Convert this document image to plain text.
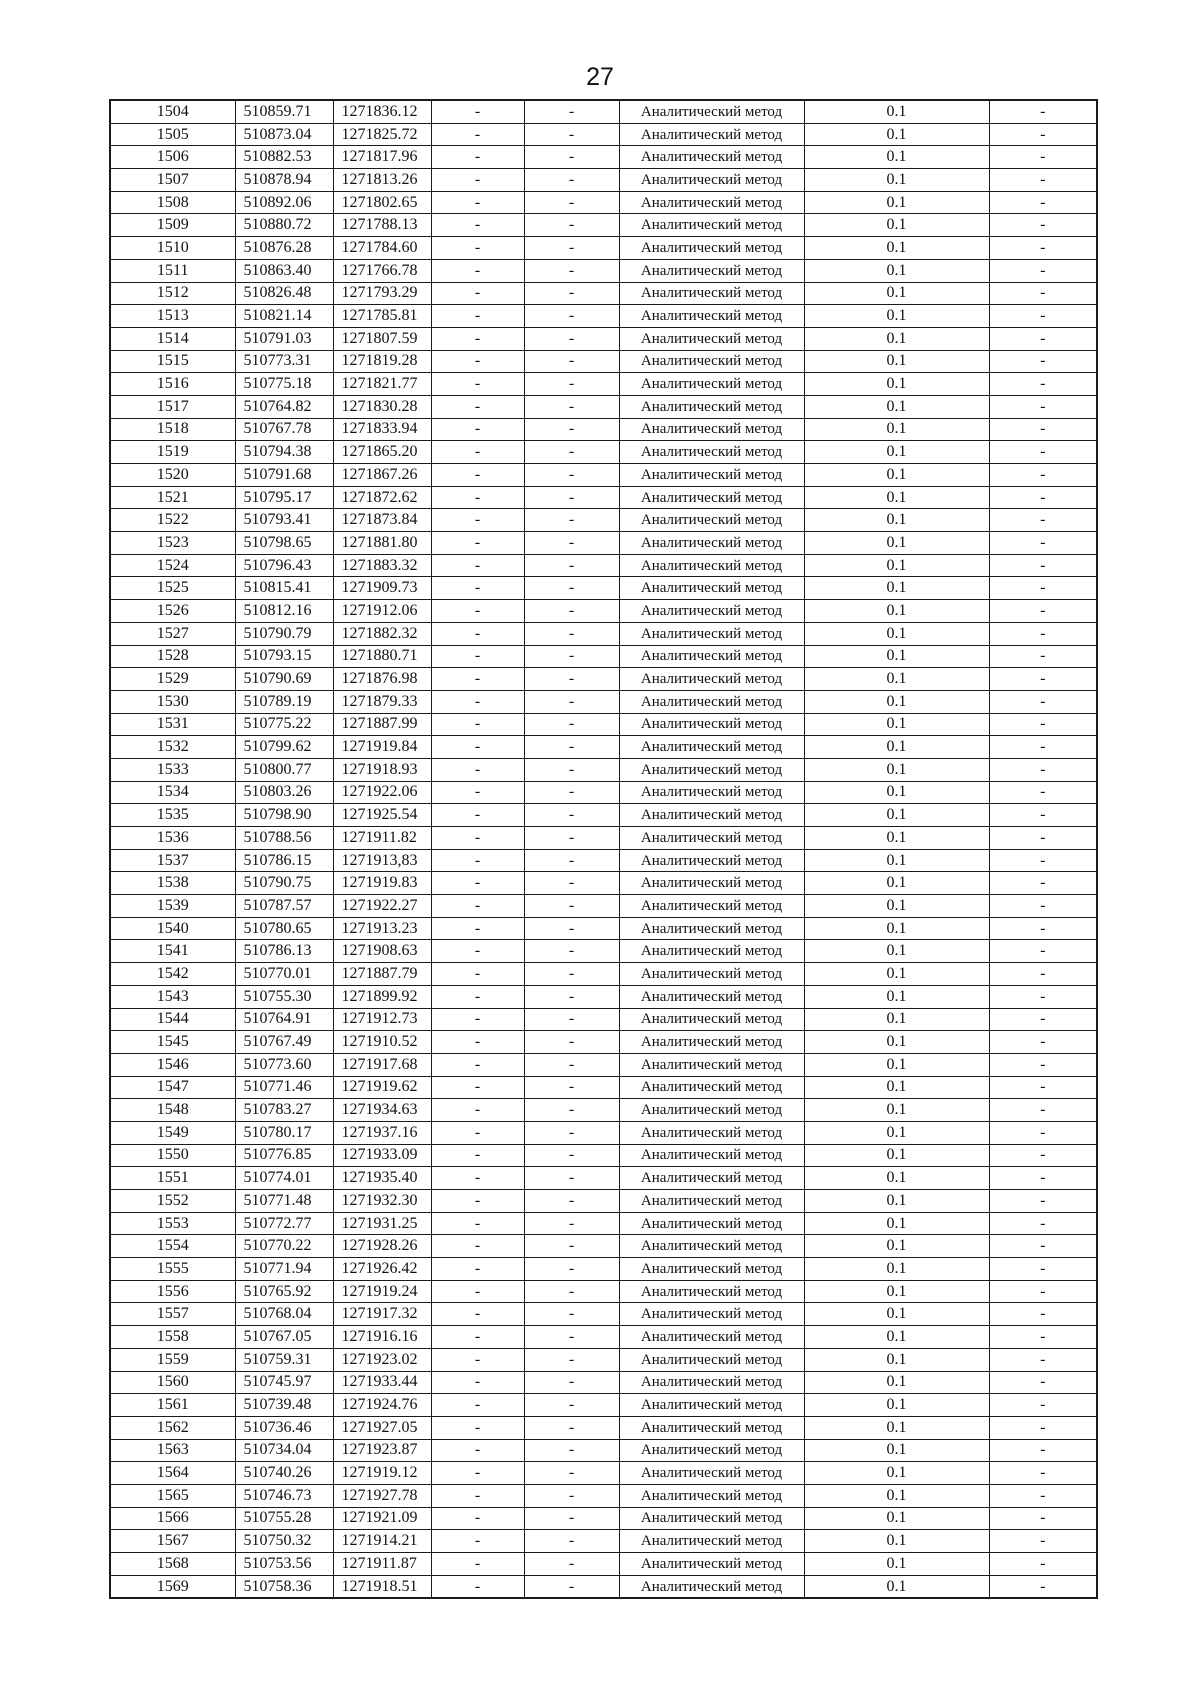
27
1504	510859.71	1271836.12	-	-	Аналитический метод	0.1	-
1505	510873.04	1271825.72	-	-	Аналитический метод	0.1	-
1506	510882.53	1271817.96	-	-	Аналитический метод	0.1	-
1507	510878.94	1271813.26	-	-	Аналитический метод	0.1	-
1508	510892.06	1271802.65	-	-	Аналитический метод	0.1	-
1509	510880.72	1271788.13	-	-	Аналитический метод	0.1	-
1510	510876.28	1271784.60	-	-	Аналитический метод	0.1	-
1511	510863.40	1271766.78	-	-	Аналитический метод	0.1	-
1512	510826.48	1271793.29	-	-	Аналитический метод	0.1	-
1513	510821.14	1271785.81	-	-	Аналитический метод	0.1	-
1514	510791.03	1271807.59	-	-	Аналитический метод	0.1	-
1515	510773.31	1271819.28	-	-	Аналитический метод	0.1	-
1516	510775.18	1271821.77	-	-	Аналитический метод	0.1	-
1517	510764.82	1271830.28	-	-	Аналитический метод	0.1	-
1518	510767.78	1271833.94	-	-	Аналитический метод	0.1	-
1519	510794.38	1271865.20	-	-	Аналитический метод	0.1	-
1520	510791.68	1271867.26	-	-	Аналитический метод	0.1	-
1521	510795.17	1271872.62	-	-	Аналитический метод	0.1	-
1522	510793.41	1271873.84	-	-	Аналитический метод	0.1	-
1523	510798.65	1271881.80	-	-	Аналитический метод	0.1	-
1524	510796.43	1271883.32	-	-	Аналитический метод	0.1	-
1525	510815.41	1271909.73	-	-	Аналитический метод	0.1	-
1526	510812.16	1271912.06	-	-	Аналитический метод	0.1	-
1527	510790.79	1271882.32	-	-	Аналитический метод	0.1	-
1528	510793.15	1271880.71	-	-	Аналитический метод	0.1	-
1529	510790.69	1271876.98	-	-	Аналитический метод	0.1	-
1530	510789.19	1271879.33	-	-	Аналитический метод	0.1	-
1531	510775.22	1271887.99	-	-	Аналитический метод	0.1	-
1532	510799.62	1271919.84	-	-	Аналитический метод	0.1	-
1533	510800.77	1271918.93	-	-	Аналитический метод	0.1	-
1534	510803.26	1271922.06	-	-	Аналитический метод	0.1	-
1535	510798.90	1271925.54	-	-	Аналитический метод	0.1	-
1536	510788.56	1271911.82	-	-	Аналитический метод	0.1	-
1537	510786.15	1271913,83	-	-	Аналитический метод	0.1	-
1538	510790.75	1271919.83	-	-	Аналитический метод	0.1	-
1539	510787.57	1271922.27	-	-	Аналитический метод	0.1	-
1540	510780.65	1271913.23	-	-	Аналитический метод	0.1	-
1541	510786.13	1271908.63	-	-	Аналитический метод	0.1	-
1542	510770.01	1271887.79	-	-	Аналитический метод	0.1	-
1543	510755.30	1271899.92	-	-	Аналитический метод	0.1	-
1544	510764.91	1271912.73	-	-	Аналитический метод	0.1	-
1545	510767.49	1271910.52	-	-	Аналитический метод	0.1	-
1546	510773.60	1271917.68	-	-	Аналитический метод	0.1	-
1547	510771.46	1271919.62	-	-	Аналитический метод	0.1	-
1548	510783.27	1271934.63	-	-	Аналитический метод	0.1	-
1549	510780.17	1271937.16	-	-	Аналитический метод	0.1	-
1550	510776.85	1271933.09	-	-	Аналитический метод	0.1	-
1551	510774.01	1271935.40	-	-	Аналитический метод	0.1	-
1552	510771.48	1271932.30	-	-	Аналитический метод	0.1	-
1553	510772.77	1271931.25	-	-	Аналитический метод	0.1	-
1554	510770.22	1271928.26	-	-	Аналитический метод	0.1	-
1555	510771.94	1271926.42	-	-	Аналитический метод	0.1	-
1556	510765.92	1271919.24	-	-	Аналитический метод	0.1	-
1557	510768.04	1271917.32	-	-	Аналитический метод	0.1	-
1558	510767.05	1271916.16	-	-	Аналитический метод	0.1	-
1559	510759.31	1271923.02	-	-	Аналитический метод	0.1	-
1560	510745.97	1271933.44	-	-	Аналитический метод	0.1	-
1561	510739.48	1271924.76	-	-	Аналитический метод	0.1	-
1562	510736.46	1271927.05	-	-	Аналитический метод	0.1	-
1563	510734.04	1271923.87	-	-	Аналитический метод	0.1	-
1564	510740.26	1271919.12	-	-	Аналитический метод	0.1	-
1565	510746.73	1271927.78	-	-	Аналитический метод	0.1	-
1566	510755.28	1271921.09	-	-	Аналитический метод	0.1	-
1567	510750.32	1271914.21	-	-	Аналитический метод	0.1	-
1568	510753.56	1271911.87	-	-	Аналитический метод	0.1	-
1569	510758.36	1271918.51	-	-	Аналитический метод	0.1	-
